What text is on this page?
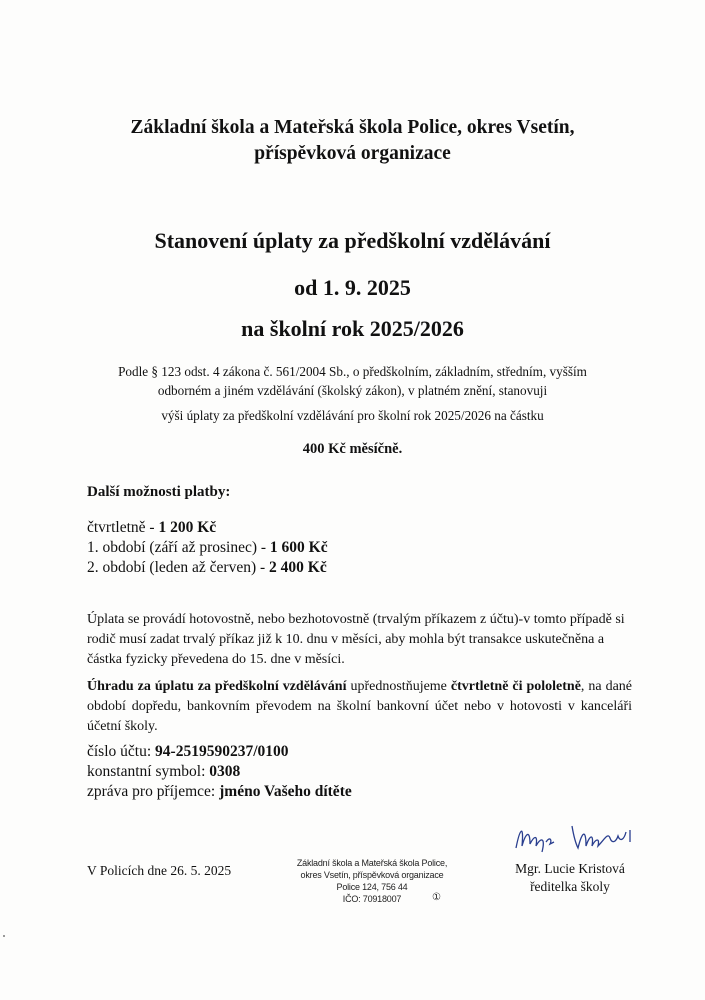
Základní škola a Mateřská škola Police, okres Vsetín,
příspěvková organizace
Stanovení úplaty za předškolní vzdělávání
od 1. 9. 2025
na školní rok 2025/2026
Podle § 123 odst. 4 zákona č. 561/2004 Sb., o předškolním, základním, středním, vyšším
odborném a jiném vzdělávání (školský zákon), v platném znění, stanovuji
výši úplaty za předškolní vzdělávání pro školní rok 2025/2026 na částku
400 Kč měsíčně.
Další možnosti platby:
čtvrtletně - 1 200 Kč
1. období (září až prosinec) - 1 600 Kč
2. období (leden až červen) - 2 400 Kč
Úplata se provádí hotovostně, nebo bezhotovostně (trvalým příkazem z účtu)-v tomto případě si rodič musí zadat trvalý příkaz již k 10. dnu v měsíci, aby mohla být transakce uskutečněna a částka fyzicky převedena do 15. dne v měsíci.
Úhradu za úplatu za předškolní vzdělávání upřednostňujeme čtvrtletně či pololetně, na dané období dopředu, bankovním převodem na školní bankovní účet nebo v hotovosti v kanceláři účetní školy.
číslo účtu: 94-2519590237/0100
konstantní symbol: 0308
zpráva pro příjemce: jméno Vašeho dítěte
V Policích dne 26. 5. 2025	Základní škola a Mateřská škola Police,
okres Vsetín, příspěvková organizace
Police 124, 756 44
IČO: 70918007	①
Mgr. Lucie Kristová
ředitelka školy
